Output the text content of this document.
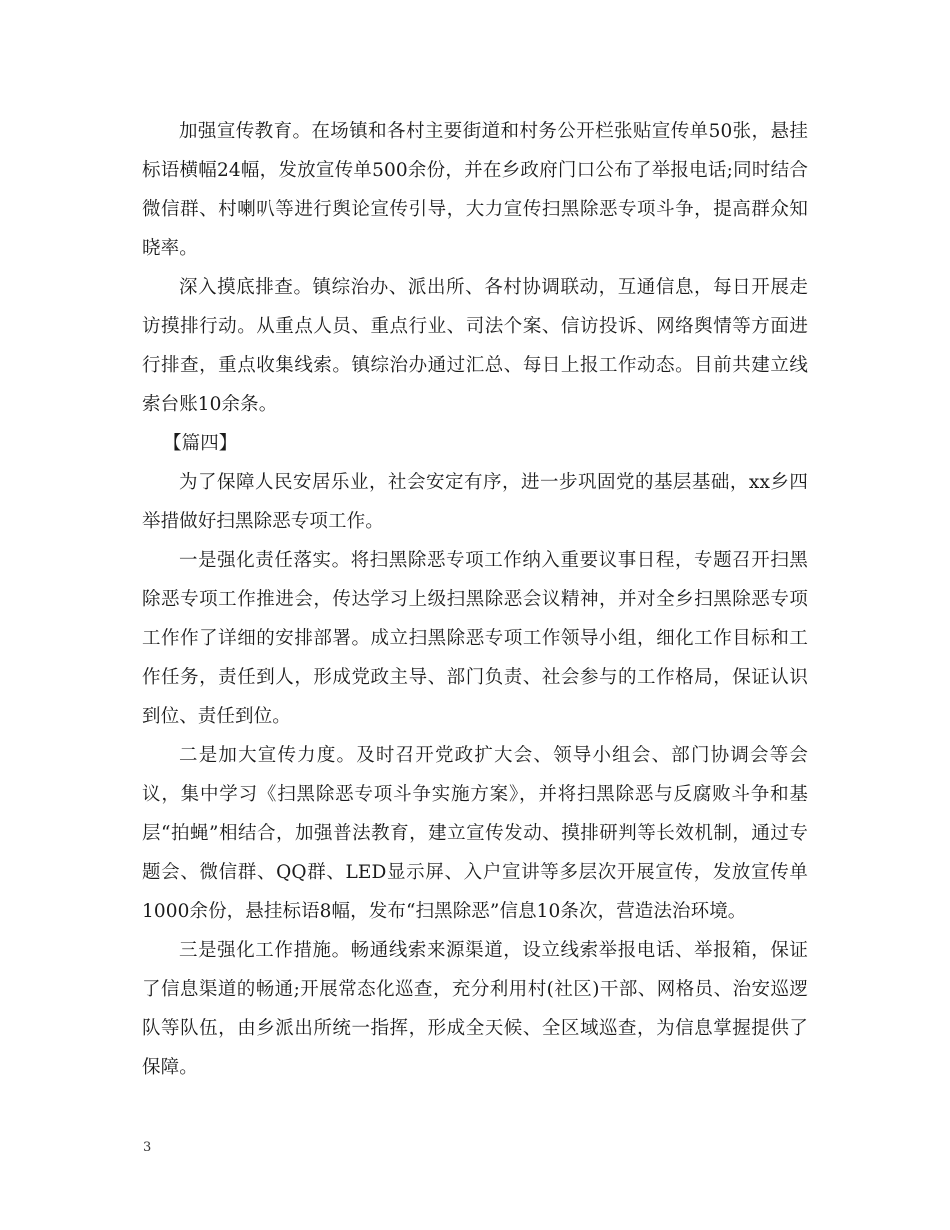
加强宣传教育。在场镇和各村主要街道和村务公开栏张贴宣传单50张，悬挂标语横幅24幅，发放宣传单500余份，并在乡政府门口公布了举报电话;同时结合微信群、村喇叭等进行舆论宣传引导，大力宣传扫黑除恶专项斗争，提高群众知晓率。

深入摸底排查。镇综治办、派出所、各村协调联动，互通信息，每日开展走访摸排行动。从重点人员、重点行业、司法个案、信访投诉、网络舆情等方面进行排查，重点收集线索。镇综治办通过汇总、每日上报工作动态。目前共建立线索台账10余条。

【篇四】

为了保障人民安居乐业，社会安定有序，进一步巩固党的基层基础，xx乡四举措做好扫黑除恶专项工作。

一是强化责任落实。将扫黑除恶专项工作纳入重要议事日程，专题召开扫黑除恶专项工作推进会，传达学习上级扫黑除恶会议精神，并对全乡扫黑除恶专项工作作了详细的安排部署。成立扫黑除恶专项工作领导小组，细化工作目标和工作任务，责任到人，形成党政主导、部门负责、社会参与的工作格局，保证认识到位、责任到位。

二是加大宣传力度。及时召开党政扩大会、领导小组会、部门协调会等会议，集中学习《扫黑除恶专项斗争实施方案》，并将扫黑除恶与反腐败斗争和基层“拍蝇”相结合，加强普法教育，建立宣传发动、摸排研判等长效机制，通过专题会、微信群、QQ群、LED显示屏、入户宣讲等多层次开展宣传，发放宣传单1000余份，悬挂标语8幅，发布“扫黑除恶”信息10条次，营造法治环境。

三是强化工作措施。畅通线索来源渠道，设立线索举报电话、举报箱，保证了信息渠道的畅通;开展常态化巡查，充分利用村(社区)干部、网格员、治安巡逻队等队伍，由乡派出所统一指挥，形成全天候、全区域巡查，为信息掌握提供了保障。

3
